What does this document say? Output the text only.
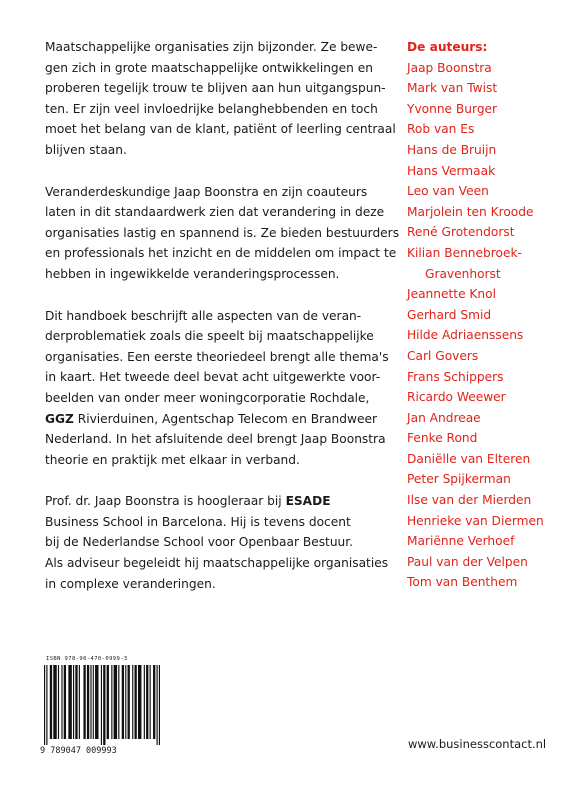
Maatschappelijke organisaties zijn bijzonder. Ze bewe-
gen zich in grote maatschappelijke ontwikkelingen en
proberen tegelijk trouw te blijven aan hun uitgangspun-
ten. Er zijn veel invloedrijke belanghebbenden en toch
moet het belang van de klant, patiënt of leerling centraal
blijven staan.
Veranderdeskundige Jaap Boonstra en zijn coauteurs
laten in dit standaardwerk zien dat verandering in deze
organisaties lastig en spannend is. Ze bieden bestuurders
en professionals het inzicht en de middelen om impact te
hebben in ingewikkelde veranderingsprocessen.
Dit handboek beschrijft alle aspecten van de veran-
derproblematiek zoals die speelt bij maatschappelijke
organisaties. Een eerste theoriedeel brengt alle thema's
in kaart. Het tweede deel bevat acht uitgewerkte voor-
beelden van onder meer woningcorporatie Rochdale,
GGZ Rivierduinen, Agentschap Telecom en Brandweer
Nederland. In het afsluitende deel brengt Jaap Boonstra
theorie en praktijk met elkaar in verband.
Prof. dr. Jaap Boonstra is hoogleraar bij ESADE
Business School in Barcelona. Hij is tevens docent
bij de Nederlandse School voor Openbaar Bestuur.
Als adviseur begeleidt hij maatschappelijke organisaties
in complexe veranderingen.
De auteurs:
Jaap Boonstra
Mark van Twist
Yvonne Burger
Rob van Es
Hans de Bruijn
Hans Vermaak
Leo van Veen
Marjolein ten Kroode
René Grotendorst
Kilian Bennebroek-
Gravenhorst
Jeannette Knol
Gerhard Smid
Hilde Adriaenssens
Carl Govers
Frans Schippers
Ricardo Weewer
Jan Andreae
Fenke Rond
Daniëlle van Elteren
Peter Spijkerman
Ilse van der Mierden
Henrieke van Diermen
Mariënne Verhoef
Paul van der Velpen
Tom van Benthem
ISBN 978-90-470-0999-3
9 789047 009993	www.businesscontact.nl
